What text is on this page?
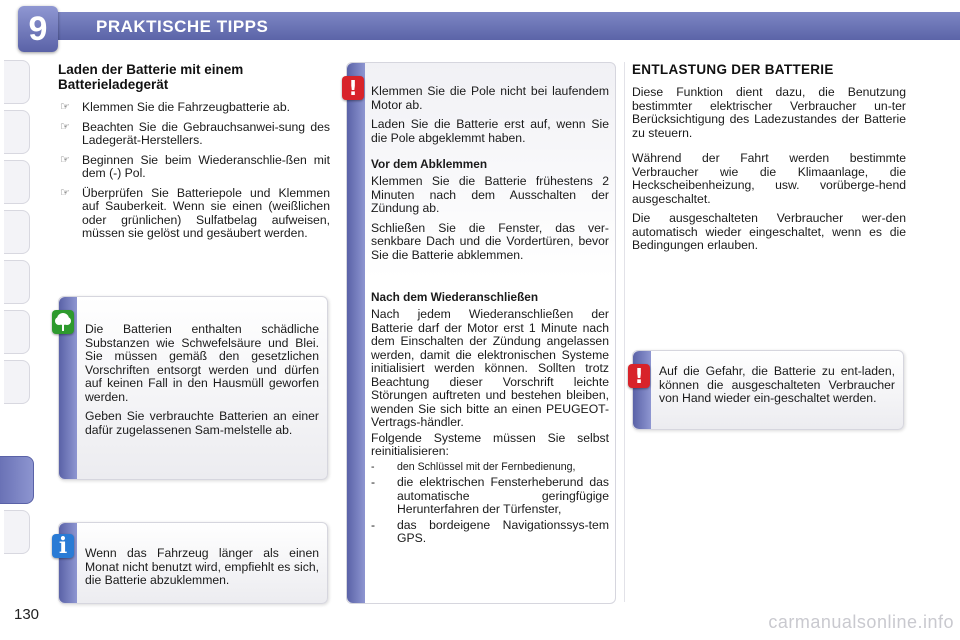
9	PRAKTISCHE TIPPS
Laden der Batterie mit einem Batterieladegerät
☞ Klemmen Sie die Fahrzeugbatterie ab.
☞ Beachten Sie die Gebrauchsanwei-sung des Ladegerät-Herstellers.
☞ Beginnen Sie beim Wiederanschlie-ßen mit dem (-) Pol.
☞ Überprüfen Sie Batteriepole und Klemmen auf Sauberkeit. Wenn sie einen (weißlichen oder grünlichen) Sulfatbelag aufweisen, müssen sie gelöst und gesäubert werden.

Die Batterien enthalten schädliche Substanzen wie Schwefelsäure und Blei. Sie müssen gemäß den gesetzlichen Vorschriften entsorgt werden und dürfen auf keinen Fall in den Hausmüll geworfen werden.

Geben Sie verbrauchte Batterien an einer dafür zugelassenen Sam-melstelle ab.

Wenn das Fahrzeug länger als einen Monat nicht benutzt wird, empfiehlt es sich, die Batterie abzuklemmen.

i

Klemmen Sie die Pole nicht bei laufendem Motor ab.

Laden Sie die Batterie erst auf, wenn Sie die Pole abgeklemmt haben.

Vor dem Abklemmen

Klemmen Sie die Batterie frühestens 2 Minuten nach dem Ausschalten der Zündung ab.

Schließen Sie die Fenster, das ver-senkbare Dach und die Vordertüren, bevor Sie die Batterie abklemmen.

Nach dem Wiederanschließen

Nach jedem Wiederanschließen der Batterie darf der Motor erst 1 Minute nach dem Einschalten der Zündung angelassen werden, damit die elektronischen Systeme initialisiert werden können. Sollten trotz Beachtung dieser Vorschrift leichte Störungen auftreten und bestehen bleiben, wenden Sie sich bitte an einen PEUGEOT-Vertrags-händler.

Folgende Systeme müssen Sie selbst reinitialisieren:

- den Schlüssel mit der Fernbedienung,
- die elektrischen Fensterheberund das automatische geringfügige Herunterfahren der Türfenster,
- das bordeigene Navigationssys-tem GPS.
!
ENTLASTUNG DER BATTERIE

Diese Funktion dient dazu, die Benutzung bestimmter elektrischer Verbraucher un-ter Berücksichtigung des Ladezustandes der Batterie zu steuern.

Während der Fahrt werden bestimmte Verbraucher wie die Klimaanlage, die Heckscheibenheizung, usw. vorüberge-hend ausgeschaltet.

Die ausgeschalteten Verbraucher wer-den automatisch wieder eingeschaltet, wenn es die Bedingungen erlauben.

Auf die Gefahr, die Batterie zu ent-laden, können die ausgeschalteten Verbraucher von Hand wieder ein-geschaltet werden.

!
130	carmanualsonline.info
